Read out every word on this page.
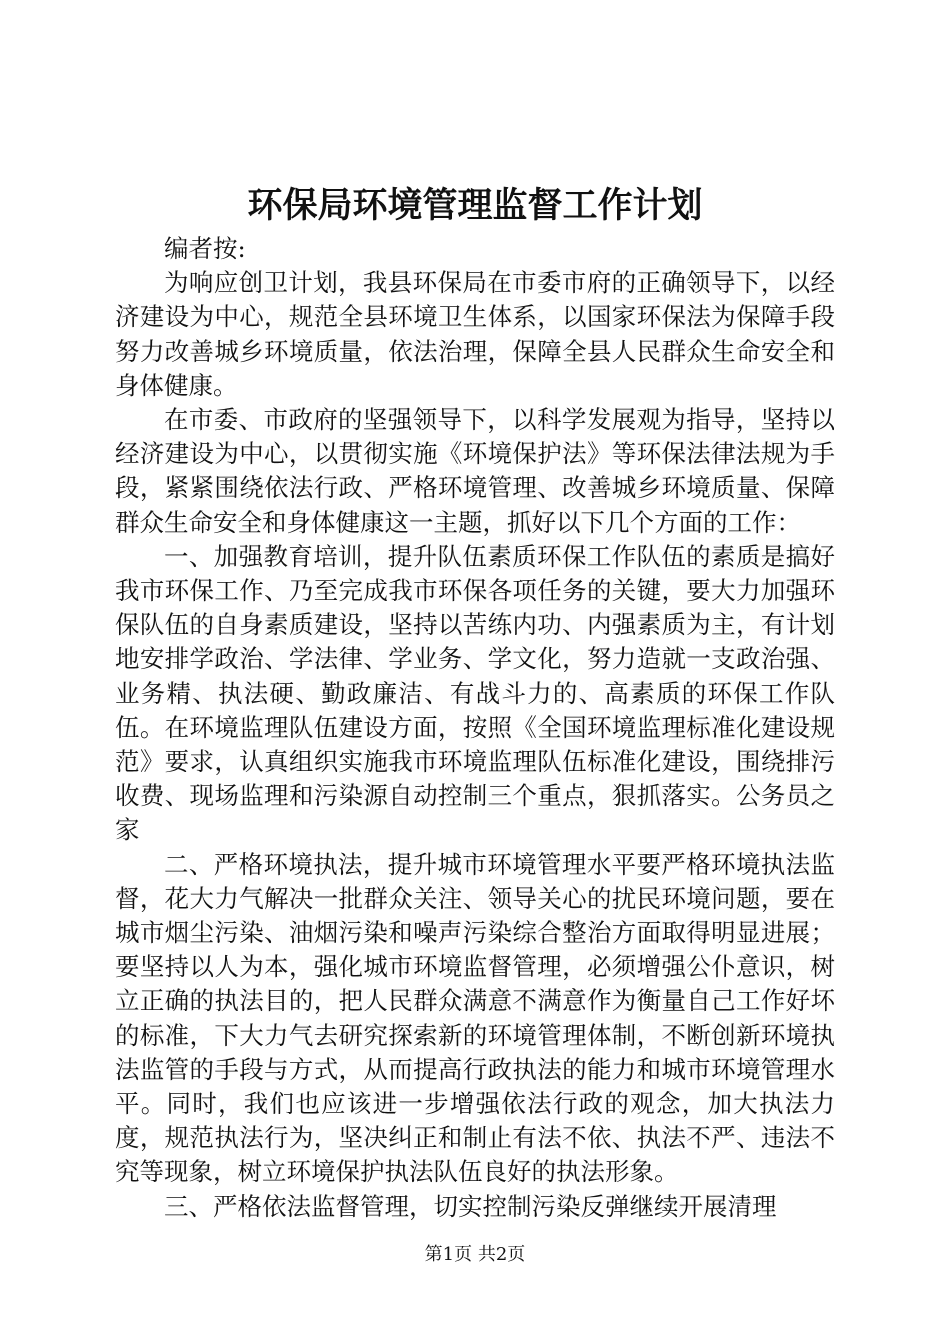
环保局环境管理监督工作计划

编者按:

为响应创卫计划，我县环保局在市委市府的正确领导下，以经济建设为中心，规范全县环境卫生体系，以国家环保法为保障手段努力改善城乡环境质量，依法治理，保障全县人民群众生命安全和身体健康。

在市委、市政府的坚强领导下，以科学发展观为指导，坚持以经济建设为中心，以贯彻实施《环境保护法》等环保法律法规为手段，紧紧围绕依法行政、严格环境管理、改善城乡环境质量、保障群众生命安全和身体健康这一主题，抓好以下几个方面的工作：

一、加强教育培训，提升队伍素质环保工作队伍的素质是搞好我市环保工作、乃至完成我市环保各项任务的关键，要大力加强环保队伍的自身素质建设，坚持以苦练内功、内强素质为主，有计划地安排学政治、学法律、学业务、学文化，努力造就一支政治强、业务精、执法硬、勤政廉洁、有战斗力的、高素质的环保工作队伍。在环境监理队伍建设方面，按照《全国环境监理标准化建设规范》要求，认真组织实施我市环境监理队伍标准化建设，围绕排污收费、现场监理和污染源自动控制三个重点，狠抓落实。公务员之家

二、严格环境执法，提升城市环境管理水平要严格环境执法监督，花大力气解决一批群众关注、领导关心的扰民环境问题，要在城市烟尘污染、油烟污染和噪声污染综合整治方面取得明显进展；要坚持以人为本，强化城市环境监督管理，必须增强公仆意识，树立正确的执法目的，把人民群众满意不满意作为衡量自己工作好坏的标准，下大力气去研究探索新的环境管理体制，不断创新环境执法监管的手段与方式，从而提高行政执法的能力和城市环境管理水平。同时，我们也应该进一步增强依法行政的观念，加大执法力度，规范执法行为，坚决纠正和制止有法不依、执法不严、违法不究等现象，树立环境保护执法队伍良好的执法形象。

三、严格依法监督管理，切实控制污染反弹继续开展清理

第1页 共2页
